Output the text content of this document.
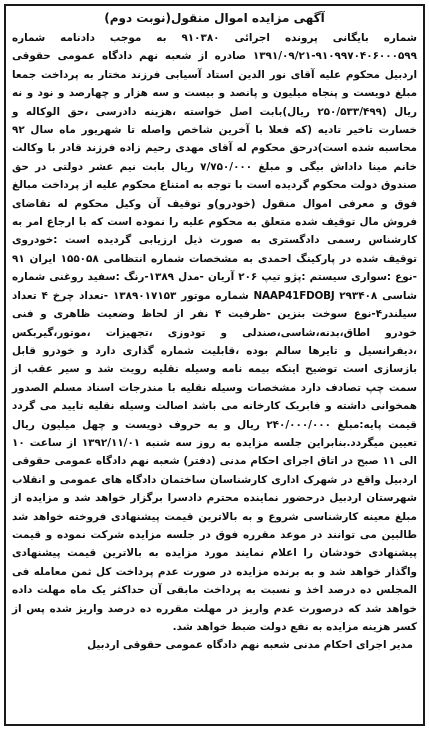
آگهی مزایده اموال منقول(نوبت دوم)

شماره بایگانی پرونده اجرائی ۹۱۰۳۸۰ به موجب دادنامه شماره ۹۱۰۹۹۷۰۴۰۶۰۰۰۵۹۹-۱۳۹۱/۰۹/۲۱ صادره از شعبه نهم دادگاه عمومی حقوقی اردبیل محکوم علیه آقای نور الدین استاد آسیابی فرزند مختار به پرداخت جمعا مبلغ دویست و پنجاه میلیون و پانصد و بیست و سه هزار و چهارصد و نود و نه ریال (۲۵۰/۵۳۳/۴۹۹ ریال)بابت اصل خواسته ،هزینه دادرسی ،حق الوکاله و خسارت تاخیر تادیه (که فعلا با آخرین شاخص واصله تا شهریور ماه سال ۹۲ محاسبه شده است)درحق محکوم له آقای مهدی رحیم زاده فرزند قادر با وکالت خانم مینا داداش بیگی و مبلغ ۷/۷۵۰/۰۰۰ ریال بابت نیم عشر دولتی در حق صندوق دولت محکوم گردیده است با توجه به امتناع محکوم علیه از پرداخت مبالغ فوق و معرفی اموال منقول (خودرو)و توقیف آن وکیل محکوم له تقاضای فروش مال توقیف شده متعلق به محکوم علیه را نموده است که با ارجاع امر به کارشناس رسمی دادگستری به صورت ذیل ارزیابی گردیده است :خودروی توقیف شده در پارکینگ احمدی به مشخصات شماره انتظامی ۱۵۵۰۵۸ ایران ۹۱ -نوع :سواری سیستم :پژو تیپ ۲۰۶ آریان -مدل ۱۳۸۹-رنگ :سفید روغنی شماره شاسی NAAP41FDOBJ ۲۹۳۴۰۸ شماره موتور ۱۳۸۹۰۱۷۱۵۳ -تعداد چرخ ۴ تعداد سیلندر۴-نوع سوخت بنزین -ظرفیت ۴ نفر از لحاظ وضعیت ظاهری و فنی خودرو اطاق،بدنه،شاسی،صندلی و تودوزی ،تجهیزات ،موتور،گیربکس ،دیفرانسیل و تایرها سالم بوده ،قابلیت شماره گذاری دارد و خودرو قابل بازسازی است توضیح اینکه بیمه نامه وسیله نقلیه رویت شد و سیر عقب از سمت چپ تصادف دارد مشخصات وسیله نقلیه با مندرجات اسناد مسلم الصدور همخوانی داشته و فابریک کارخانه می باشد اصالت وسیله نقلیه تایید می گردد قیمت پایه:مبلغ ۲۴۰/۰۰۰/۰۰۰ ریال و به حروف دویست و چهل میلیون ریال تعیین میگردد.بنابراین جلسه مزایده به روز سه شنبه ۱۳۹۲/۱۱/۰۱ از ساعت ۱۰ الی ۱۱ صبح در اتاق اجرای احکام مدنی (دفتر) شعبه نهم دادگاه عمومی حقوقی اردبیل واقع در شهرک اداری کارشناسان ساختمان دادگاه های عمومی و انقلاب شهرستان اردبیل درحضور نماینده محترم دادسرا برگزار خواهد شد و مزایده از مبلغ معینه کارشناسی شروع و به بالاترین قیمت پیشنهادی فروخته خواهد شد طالبین می توانند در موعد مقرره فوق در جلسه مزایده شرکت نموده و قیمت پیشنهادی خودشان را اعلام نمایند مورد مزایده به بالاترین قیمت پیشنهادی واگذار خواهد شد و به برنده مزایده در صورت عدم پرداخت کل ثمن معامله فی المجلس ده درصد اخذ و نسبت به پرداخت مابقی آن حداکثر یک ماه مهلت داده خواهد شد که درصورت عدم واریز در مهلت مقرره ده درصد واریز شده پس از کسر هزینه مزایده به نفع دولت ضبط خواهد شد.

مدیر اجرای احکام مدنی شعبه نهم دادگاه عمومی حقوقی اردبیل
